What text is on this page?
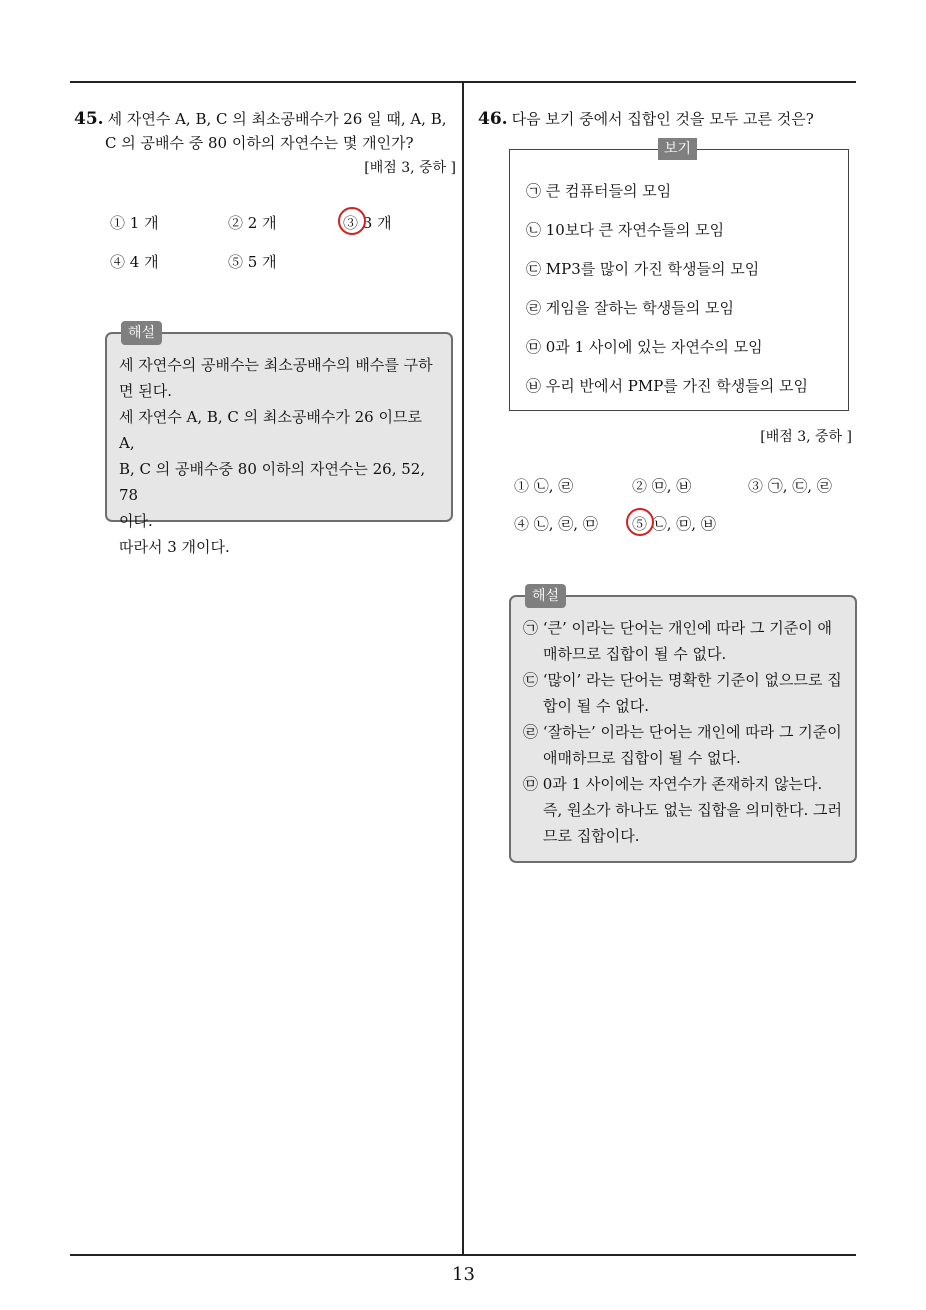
45. 세 자연수 A, B, C 의 최소공배수가 26 일 때, A, B,
C 의 공배수 중 80 이하의 자연수는 몇 개인가?
[배점 3, 중하 ]
① 1 개	② 2 개	③ 3 개
④ 4 개	⑤ 5 개
해설

세 자연수의 공배수는 최소공배수의 배수를 구하

면 된다.

세 자연수 A, B, C 의 최소공배수가 26 이므로 A,

B, C 의 공배수중 80 이하의 자연수는 26, 52, 78

이다.

따라서 3 개이다.

46. 다음 보기 중에서 집합인 것을 모두 고른 것은?
보기
㉠ 큰 컴퓨터들의 모임
㉡ 10보다 큰 자연수들의 모임
㉢ MP3를 많이 가진 학생들의 모임
㉣ 게임을 잘하는 학생들의 모임
㉤ 0과 1 사이에 있는 자연수의 모임
㉥ 우리 반에서 PMP를 가진 학생들의 모임
[배점 3, 중하 ]
① ㉡, ㉣	② ㉤, ㉥	③ ㉠, ㉢, ㉣
④ ㉡, ㉣, ㉤ ⑤ ㉡, ㉤, ㉥
해설

㉠ ‘큰’ 이라는 단어는 개인에 따라 그 기준이 애

매하므로 집합이 될 수 없다.

㉢ ‘많이’ 라는 단어는 명확한 기준이 없으므로 집

합이 될 수 없다.

㉣ ‘잘하는’ 이라는 단어는 개인에 따라 그 기준이

애매하므로 집합이 될 수 없다.

㉤ 0과 1 사이에는 자연수가 존재하지 않는다.

즉, 원소가 하나도 없는 집합을 의미한다. 그러

므로 집합이다.

13
